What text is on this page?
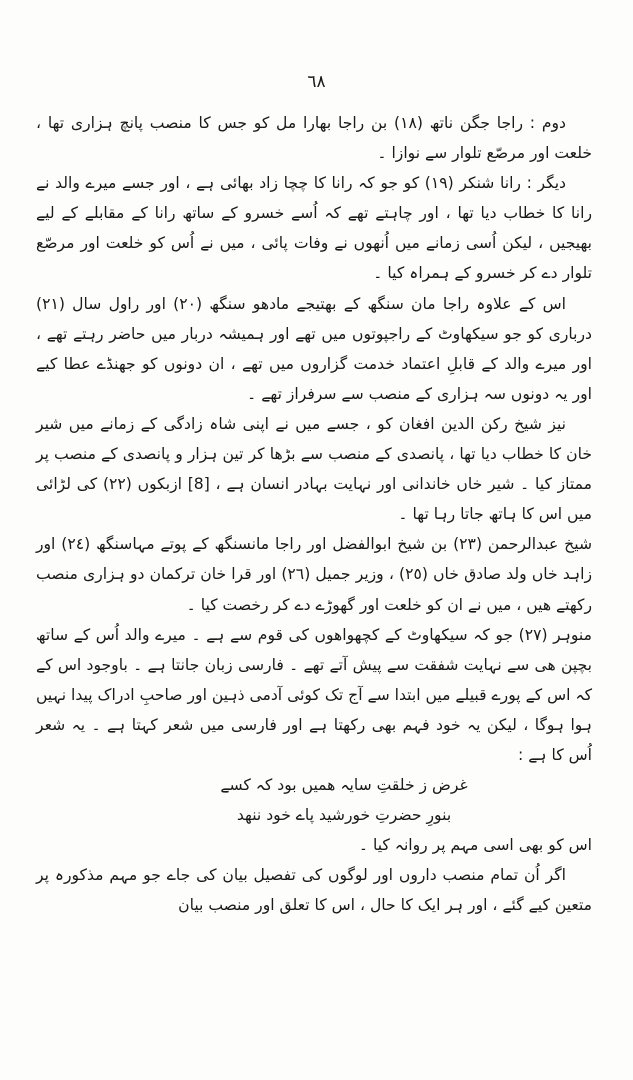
٦٨

دوم : راجا جگن ناتھ (١٨) بن راجا بھارا مل کو جس کا منصب پانچ ہزاری تھا ، خلعت اور مرصّع تلوار سے نوازا ۔

دیگر : رانا شنکر (١٩) کو جو کہ رانا کا چچا زاد بھائی ہے ، اور جسے میرے والد نے رانا کا خطاب دیا تھا ، اور چاہتے تھے کہ اُسے خسرو کے ساتھ رانا کے مقابلے کے لیے بھیجیں ، لیکن اُسی زمانے میں اُنھوں نے وفات پائی ، میں نے اُس کو خلعت اور مرصّع تلوار دے کر خسرو کے ہمراہ کیا ۔

اس کے علاوہ راجا مان سنگھ کے بھتیجے مادھو سنگھ (٢٠) اور راول سال (٢١) درباری کو جو سیکھاوٹ کے راجپوتوں میں تھے اور ہمیشہ دربار میں حاضر رہتے تھے ، اور میرے والد کے قابلِ اعتماد خدمت گزاروں میں تھے ، ان دونوں کو جھنڈے عطا کیے اور یہ دونوں سہ ہزاری کے منصب سے سرفراز تھے ۔

نیز شیخ رکن الدین افغان کو ، جسے میں نے اپنی شاہ زادگی کے زمانے میں شیر خان کا خطاب دیا تھا ، پانصدی کے منصب سے بڑھا کر تین ہزار و پانصدی کے منصب پر ممتاز کیا ۔ شیر خاں خاندانی اور نہایت بہادر انسان ہے ، [8] ازبکوں (٢٢) کی لڑائی میں اس کا ہاتھ جاتا رہا تھا ۔

شیخ عبدالرحمن (٢٣) بن شیخ ابوالفضل اور راجا مانسنگھ کے پوتے مہاسنگھ (٢٤) اور زاہد خاں ولد صادق خاں (٢٥) ، وزیر جمیل (٢٦) اور قرا خان ترکمان دو ہزاری منصب رکھتے ھیں ، میں نے ان کو خلعت اور گھوڑے دے کر رخصت کیا ۔

منوہر (٢٧) جو کہ سیکھاوٹ کے کچھواھوں کی قوم سے ہے ۔ میرے والد اُس کے ساتھ بچپن ھی سے نہایت شفقت سے پیش آتے تھے ۔ فارسی زبان جانتا ہے ۔ باوجود اس کے کہ اس کے پورے قبیلے میں ابتدا سے آج تک کوئی آدمی ذہین اور صاحبِ ادراک پیدا نہیں ہوا ہوگا ، لیکن یہ خود فہم بھی رکھتا ہے اور فارسی میں شعر کہتا ہے ۔ یہ شعر اُس کا ہے :

غرض ز خلقتِ سایہ همیں بود کہ کسے
بنورِ حضرتِ خورشید پاے خود ننهد

اس کو بھی اسی مہم پر روانہ کیا ۔

اگر اُن تمام منصب داروں اور لوگوں کی تفصیل بیان کی جاے جو مہم مذکورہ پر متعین کیے گئے ، اور ہر ایک کا حال ، اس کا تعلق اور منصب بیان
